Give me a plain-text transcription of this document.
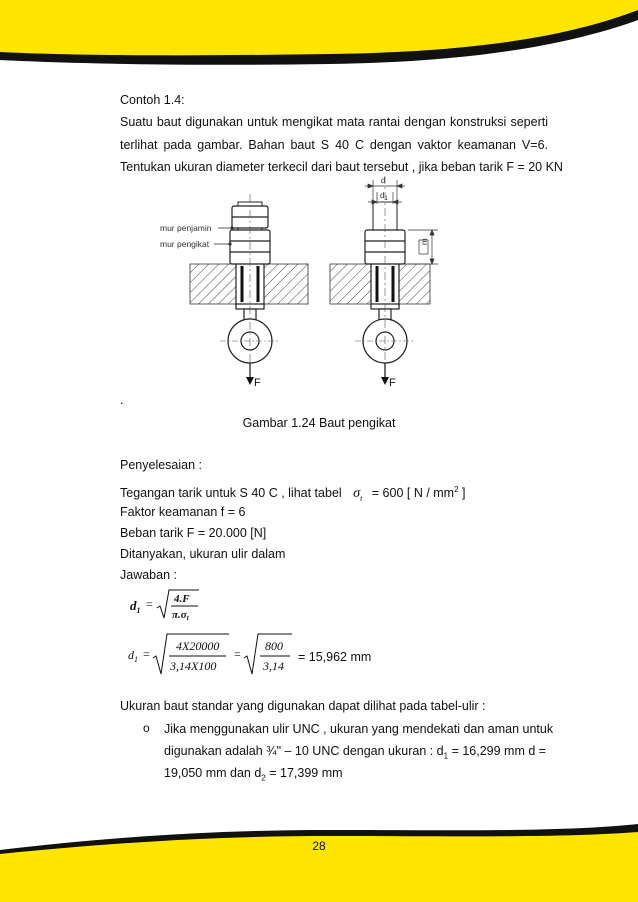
Contoh 1.4:
Suatu baut digunakan untuk mengikat mata rantai dengan konstruksi seperti
terlihat pada gambar. Bahan baut S 40 C dengan vaktor keamanan V=6.
Tentukan ukuran diameter terkecil dari baut tersebut , jika beban tarik F = 20 KN
F
mur penjamin
mur pengikat
F
d
$d_1$
m
.
Gambar 1.24 Baut pengikat
Penyelesaian :
Tegangan tarik untuk S 40 C , lihat tabel $\sigma_t = 600$ [ N / $mm^2$ ]
Faktor keamanan f = 6
Beban tarik F = 20.000 [N]
Ditanyakan, ukuran ulir dalam
Jawaban :
$d_1 = 4.F$
π.σt
$d_1$ =
4X20000
3,14X100
=
800
3,14
= 15,962 mm
Ukuran baut standar yang digunakan dapat dilihat pada tabel-ulir :
o Jika menggunakan ulir UNC , ukuran yang mendekati dan aman untuk
digunakan adalah ¾" – 10 UNC dengan ukuran : $d_1 = 16,299$ mm d =
19,050 mm dan $d_2 = 17,399$ mm
28
